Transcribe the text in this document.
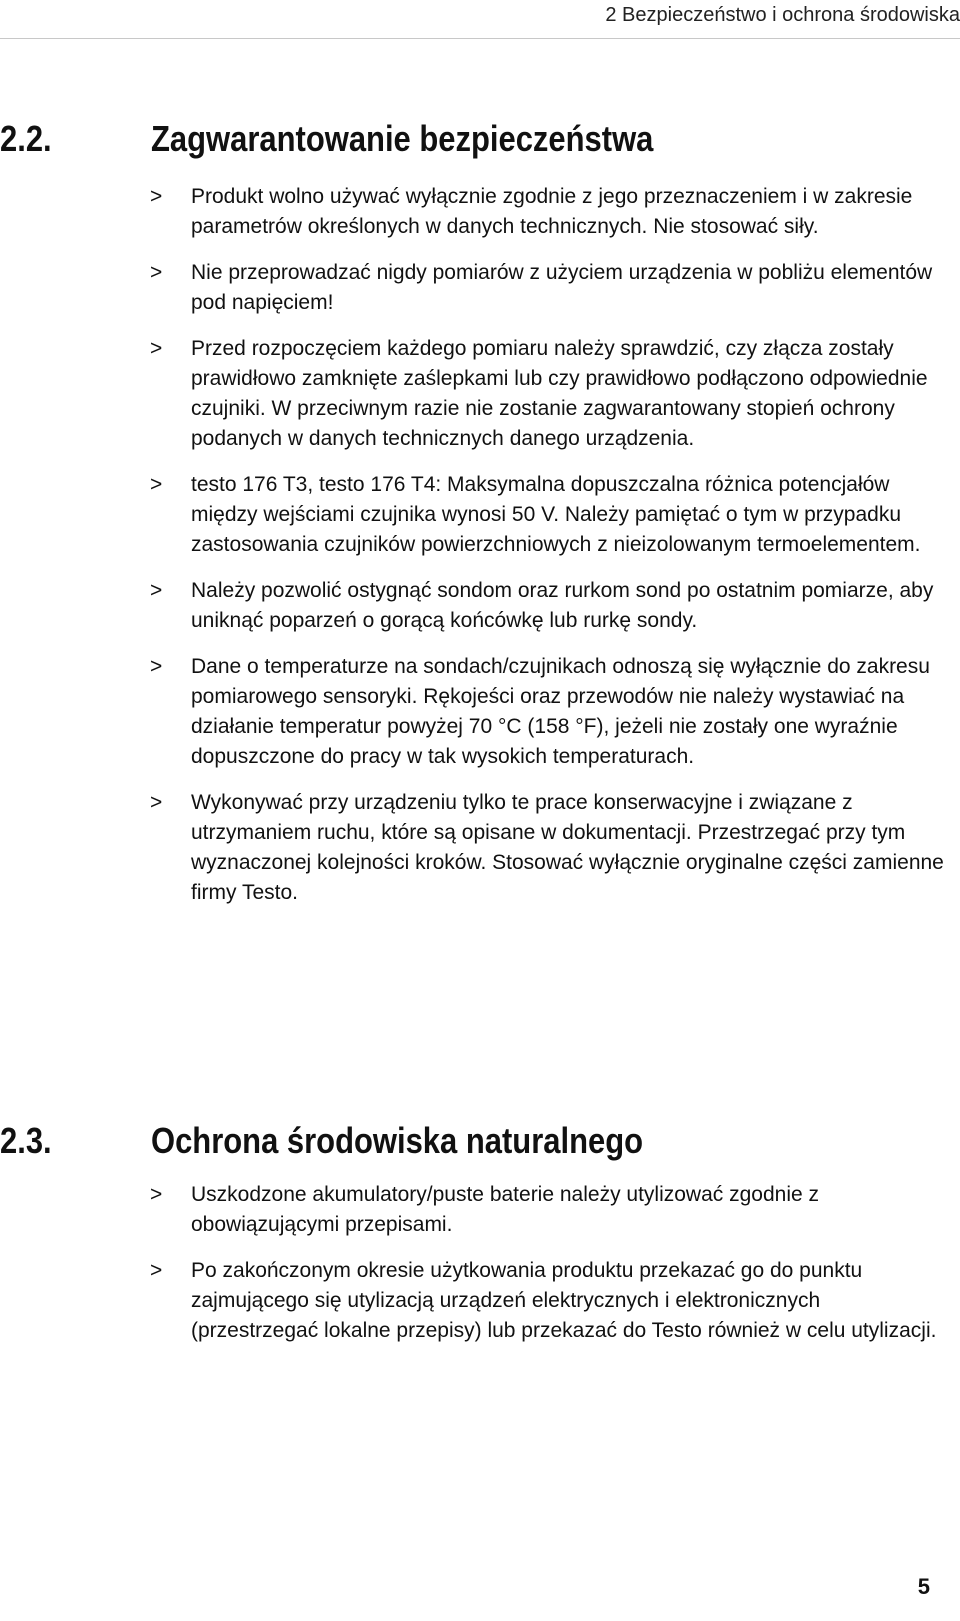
2 Bezpieczeństwo i ochrona środowiska
2.2.	Zagwarantowanie bezpieczeństwa
> Produkt wolno używać wyłącznie zgodnie z jego przeznaczeniem i w zakresie parametrów określonych w danych technicznych. Nie stosować siły.
> Nie przeprowadzać nigdy pomiarów z użyciem urządzenia w pobliżu elementów pod napięciem!
> Przed rozpoczęciem każdego pomiaru należy sprawdzić, czy złącza zostały prawidłowo zamknięte zaślepkami lub czy prawidłowo podłączono odpowiednie czujniki. W przeciwnym razie nie zostanie zagwarantowany stopień ochrony podanych w danych technicznych danego urządzenia.
> testo 176 T3, testo 176 T4: Maksymalna dopuszczalna różnica potencjałów między wejściami czujnika wynosi 50 V. Należy pamiętać o tym w przypadku zastosowania czujników powierzchniowych z nieizolowanym termoelementem.
> Należy pozwolić ostygnąć sondom oraz rurkom sond po ostatnim pomiarze, aby uniknąć poparzeń o gorącą końcówkę lub rurkę sondy.
> Dane o temperaturze na sondach/czujnikach odnoszą się wyłącznie do zakresu pomiarowego sensoryki. Rękojeści oraz przewodów nie należy wystawiać na działanie temperatur powyżej 70 °C (158 °F), jeżeli nie zostały one wyraźnie dopuszczone do pracy w tak wysokich temperaturach.
> Wykonywać przy urządzeniu tylko te prace konserwacyjne i związane z utrzymaniem ruchu, które są opisane w dokumentacji. Przestrzegać przy tym wyznaczonej kolejności kroków. Stosować wyłącznie oryginalne części zamienne firmy Testo.
2.3.	Ochrona środowiska naturalnego
> Uszkodzone akumulatory/puste baterie należy utylizować zgodnie z obowiązującymi przepisami.
> Po zakończonym okresie użytkowania produktu przekazać go do punktu zajmującego się utylizacją urządzeń elektrycznych i elektronicznych (przestrzegać lokalne przepisy) lub przekazać do Testo również w celu utylizacji.
5
